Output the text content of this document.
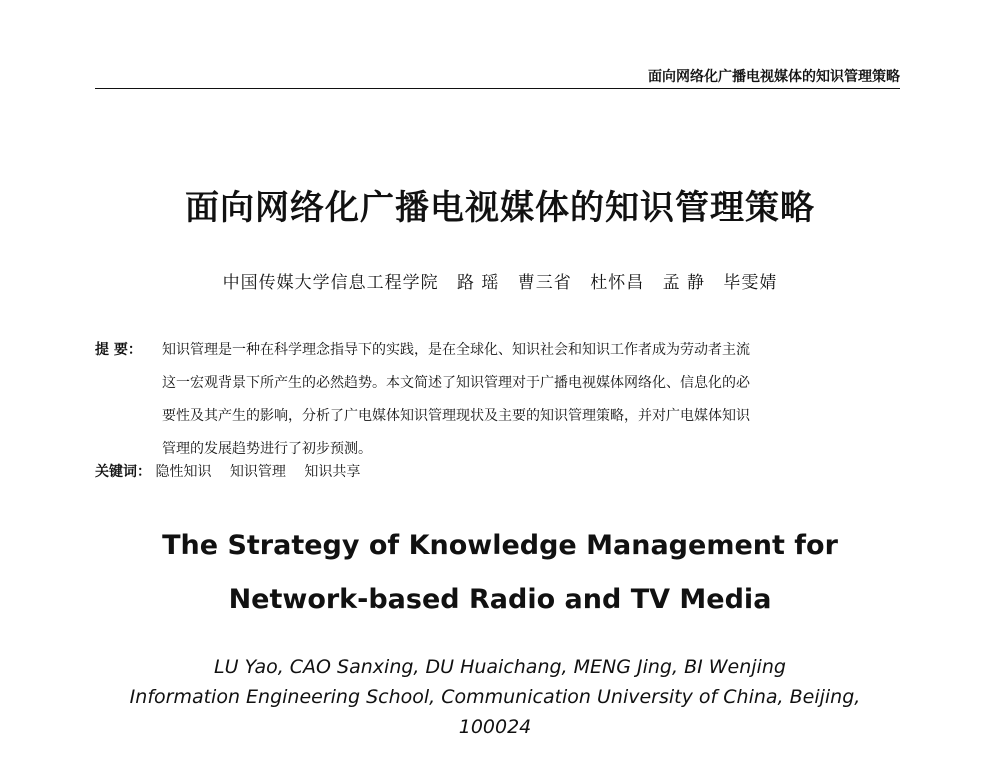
面向网络化广播电视媒体的知识管理策略
面向网络化广播电视媒体的知识管理策略
中国传媒大学信息工程学院 路 瑶 曹三省 杜怀昌 孟 静 毕雯婧
提 要： 知识管理是一种在科学理念指导下的实践，是在全球化、知识社会和知识工作者成为劳动者主流
这一宏观背景下所产生的必然趋势。本文简述了知识管理对于广播电视媒体网络化、信息化的必
要性及其产生的影响，分析了广电媒体知识管理现状及主要的知识管理策略，并对广电媒体知识
管理的发展趋势进行了初步预测。
关键词： 隐性知识 知识管理 知识共享
The Strategy of Knowledge Management for
Network-based Radio and TV Media
LU Yao, CAO Sanxing, DU Huaichang, MENG Jing, BI Wenjing
Information Engineering School, Communication University of China, Beijing, 100024
